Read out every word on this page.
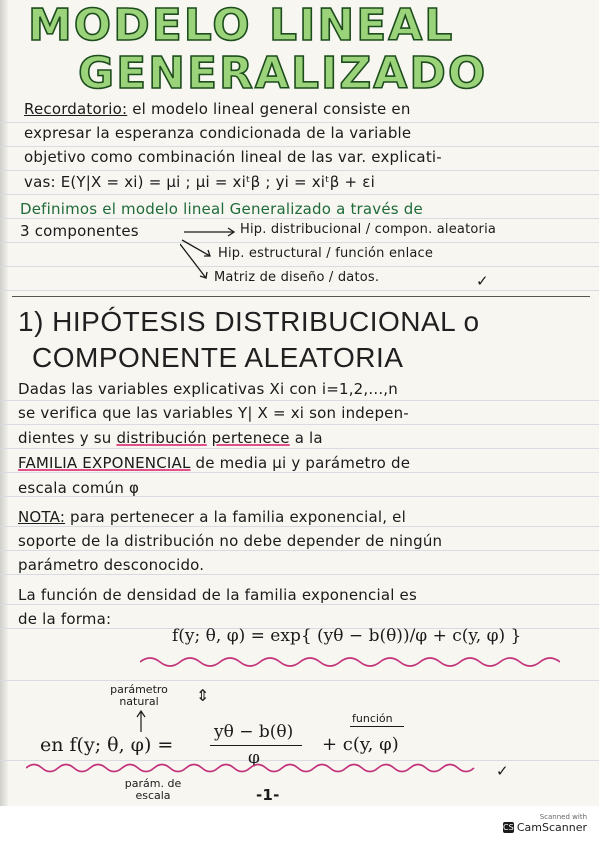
MODELO LINEAL
GENERALIZADO
Recordatorio: el modelo lineal general consiste en
expresar la esperanza condicionada de la variable
objetivo como combinación lineal de las var. explicati-
vas: E(Y|X = xi) = μi ; μi = xiᵗβ ; yi = xiᵗβ + εi
Definimos el modelo lineal Generalizado a través de
3 componentes	Hip. distribucional / compon. aleatoria
Hip. estructural / función enlace
Matriz de diseño / datos.	✓
1) HIPÓTESIS DISTRIBUCIONAL o
COMPONENTE ALEATORIA
Dadas las variables explicativas Xi con i=1,2,...,n
se verifica que las variables Y| X = xi son indepen-
dientes y su distribución pertenece a la
FAMILIA EXPONENCIAL de media μi y parámetro de
escala común φ
NOTA: para pertenecer a la familia exponencial, el
soporte de la distribución no debe depender de ningún
parámetro desconocido.
La función de densidad de la familia exponencial es
de la forma:
f(y; θ, φ) = exp{ (yθ − b(θ))/φ + c(y, φ) }
parámetro natural	⇕
función
en f(y; θ, φ) =
yθ − b(θ)
φ
+ c(y, φ)
parám. de escala	-1-
✓
Scanned with
CS CamScanner
